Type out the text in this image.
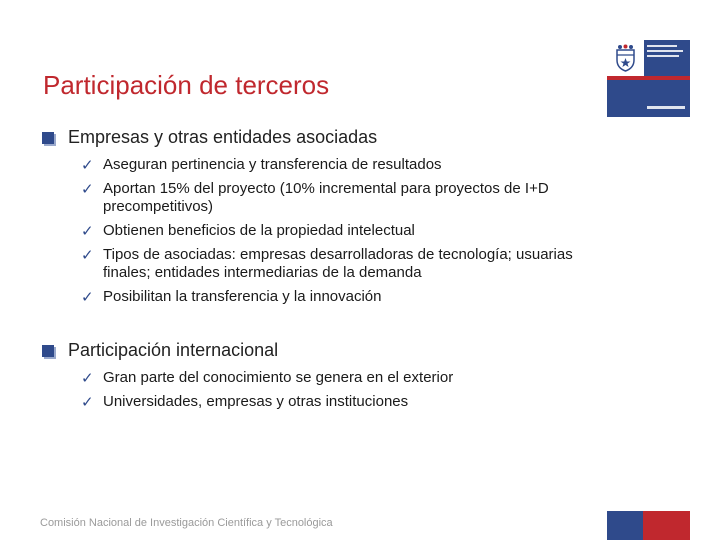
Participación de terceros
Empresas y otras entidades asociadas
✓ Aseguran pertinencia y transferencia de resultados
✓ Aportan 15% del proyecto (10% incremental para proyectos de I+D precompetitivos)
✓ Obtienen beneficios de la propiedad intelectual
✓ Tipos de asociadas: empresas desarrolladoras de tecnología; usuarias finales; entidades intermediarias de la demanda
✓ Posibilitan la transferencia y la innovación
Participación internacional
✓ Gran parte del conocimiento se genera en el exterior
✓ Universidades, empresas y otras instituciones
Comisión Nacional de Investigación Científica y Tecnológica
